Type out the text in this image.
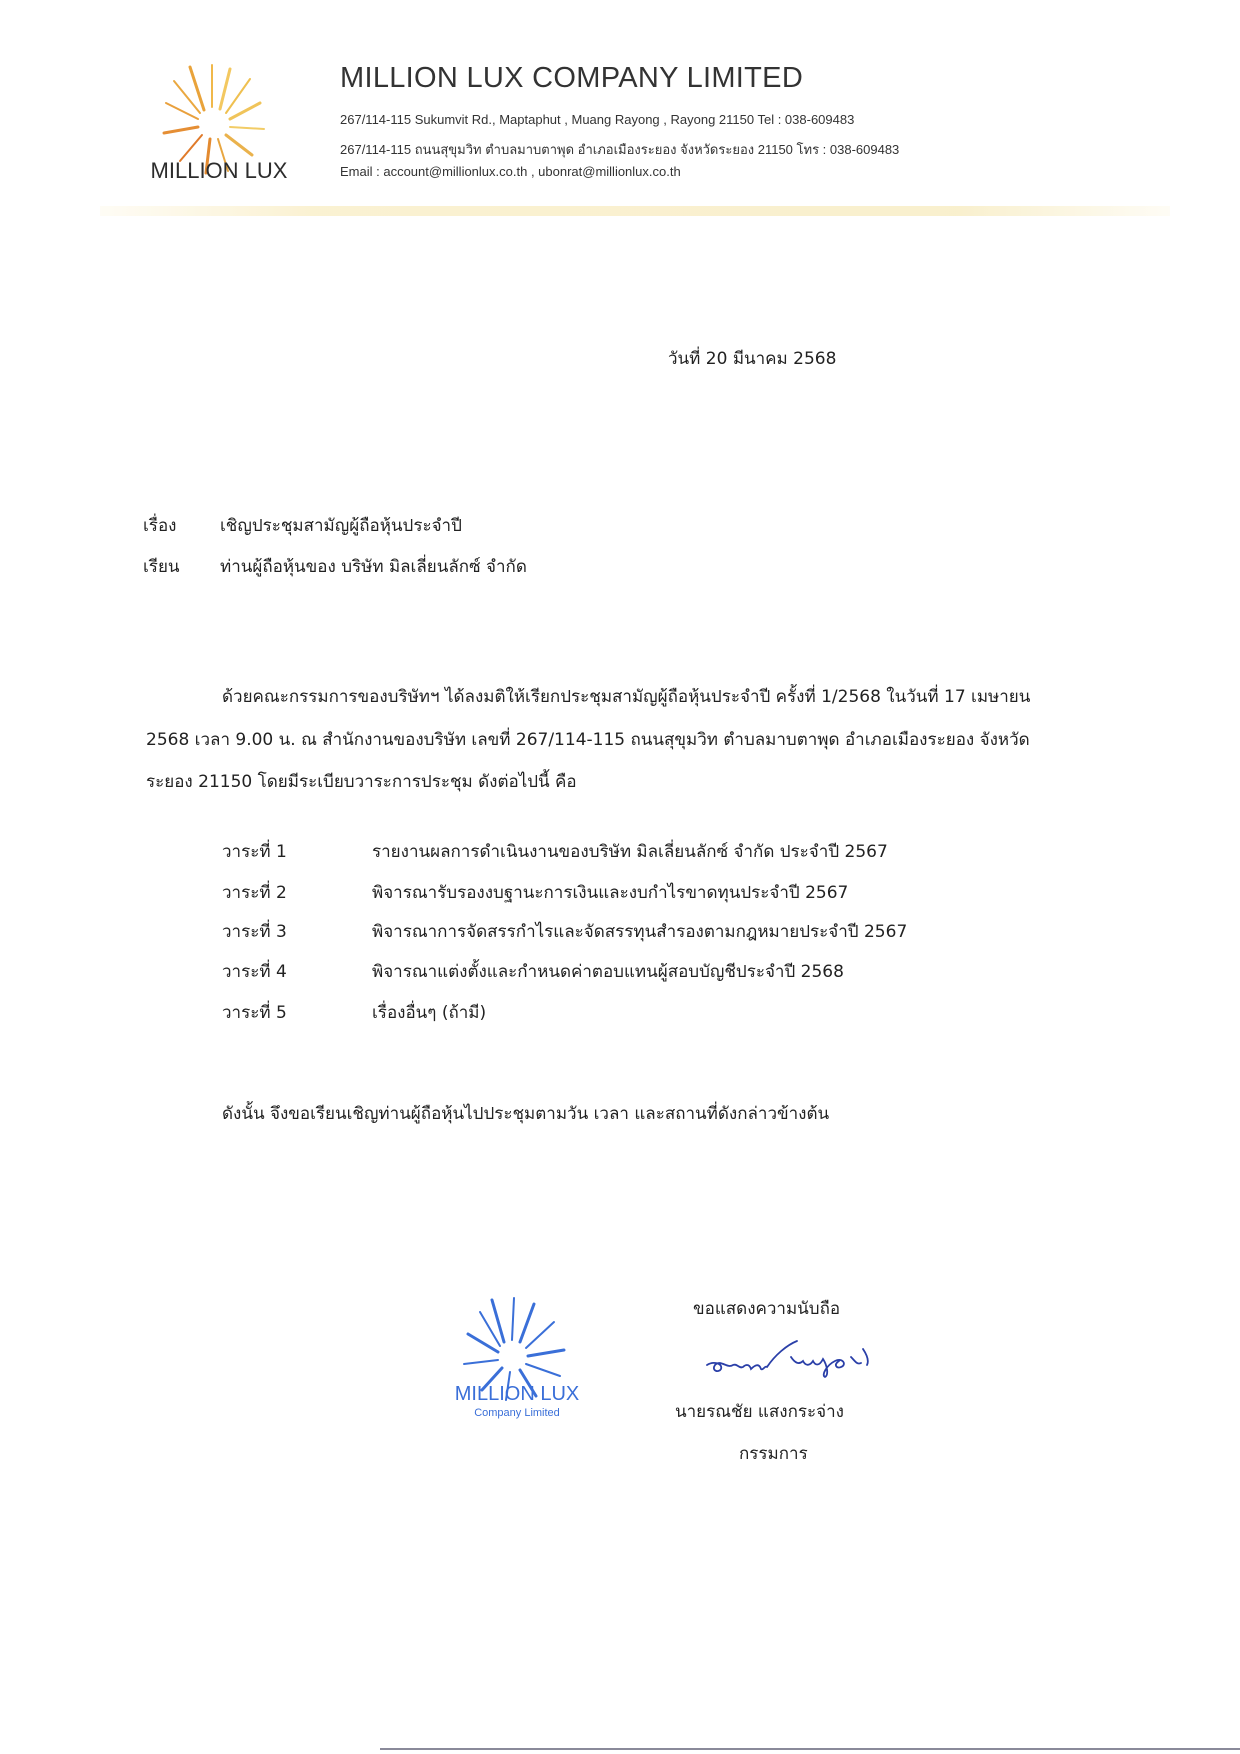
MILLION LUX
MILLION LUX COMPANY LIMITED
267/114-115 Sukumvit Rd., Maptaphut , Muang Rayong , Rayong 21150 Tel : 038-609483
267/114-115 ถนนสุขุมวิท ตำบลมาบตาพุด อำเภอเมืองระยอง จังหวัดระยอง 21150 โทร : 038-609483
Email : account@millionlux.co.th , ubonrat@millionlux.co.th
วันที่ 20 มีนาคม 2568
เรื่อง	เชิญประชุมสามัญผู้ถือหุ้นประจำปี
เรียน ท่านผู้ถือหุ้นของ บริษัท มิลเลี่ยนลักซ์ จำกัด
ด้วยคณะกรรมการของบริษัทฯ ได้ลงมติให้เรียกประชุมสามัญผู้ถือหุ้นประจำปี ครั้งที่ 1/2568 ในวันที่ 17 เมษายน
2568 เวลา 9.00 น. ณ สำนักงานของบริษัท เลขที่ 267/114-115 ถนนสุขุมวิท ตำบลมาบตาพุด อำเภอเมืองระยอง จังหวัด
ระยอง 21150 โดยมีระเบียบวาระการประชุม ดังต่อไปนี้ คือ
วาระที่ 1	รายงานผลการดำเนินงานของบริษัท มิลเลี่ยนลักซ์ จำกัด ประจำปี 2567
วาระที่ 2	พิจารณารับรองงบฐานะการเงินและงบกำไรขาดทุนประจำปี 2567
วาระที่ 3	พิจารณาการจัดสรรกำไรและจัดสรรทุนสำรองตามกฎหมายประจำปี 2567
วาระที่ 4	พิจารณาแต่งตั้งและกำหนดค่าตอบแทนผู้สอบบัญชีประจำปี 2568
วาระที่ 5	เรื่องอื่นๆ (ถ้ามี)
ดังนั้น จึงขอเรียนเชิญท่านผู้ถือหุ้นไปประชุมตามวัน เวลา และสถานที่ดังกล่าวข้างต้น
MILLION LUX
Company Limited
ขอแสดงความนับถือ
นายรณชัย แสงกระจ่าง
กรรมการ
